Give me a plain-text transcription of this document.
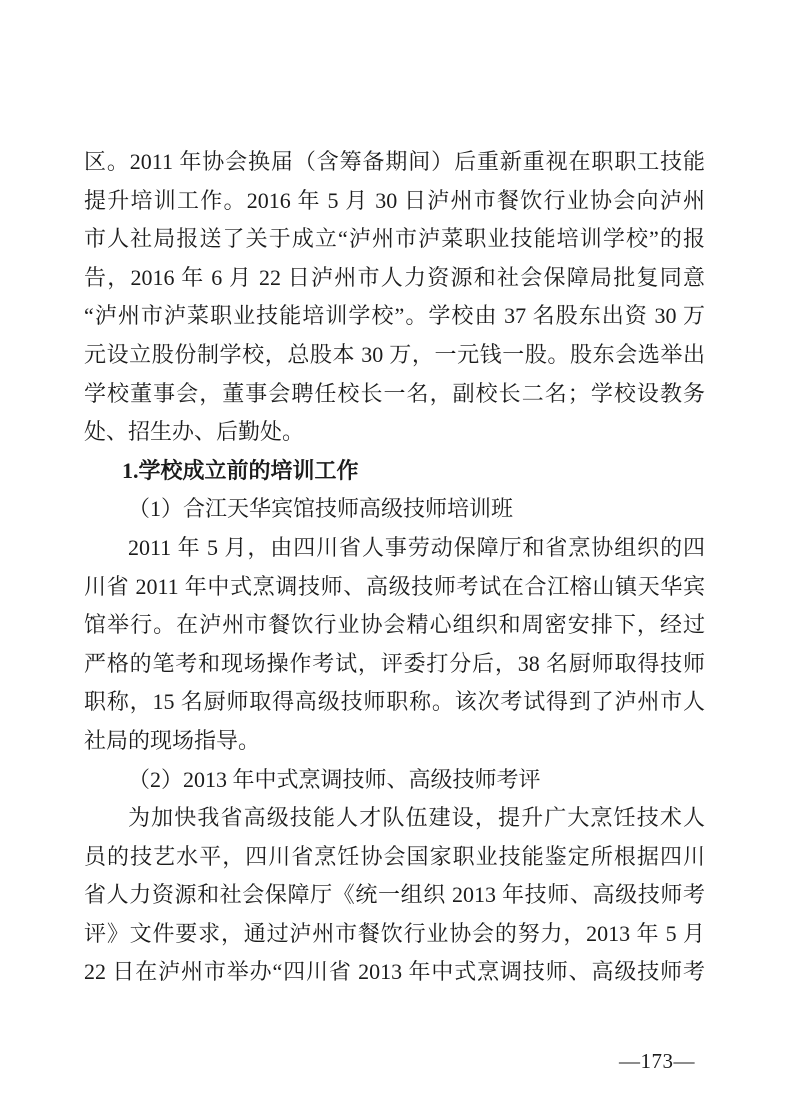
区。2011 年协会换届（含筹备期间）后重新重视在职职工技能
提升培训工作。2016 年 5 月 30 日泸州市餐饮行业协会向泸州
市人社局报送了关于成立“泸州市泸菜职业技能培训学校”的报
告，2016 年 6 月 22 日泸州市人力资源和社会保障局批复同意
“泸州市泸菜职业技能培训学校”。学校由 37 名股东出资 30 万
元设立股份制学校，总股本 30 万，一元钱一股。股东会选举出
学校董事会，董事会聘任校长一名，副校长二名；学校设教务
处、招生办、后勤处。
1.学校成立前的培训工作
（1）合江天华宾馆技师高级技师培训班
2011 年 5 月，由四川省人事劳动保障厅和省烹协组织的四
川省 2011 年中式烹调技师、高级技师考试在合江榕山镇天华宾
馆举行。在泸州市餐饮行业协会精心组织和周密安排下，经过
严格的笔考和现场操作考试，评委打分后，38 名厨师取得技师
职称，15 名厨师取得高级技师职称。该次考试得到了泸州市人
社局的现场指导。
（2）2013 年中式烹调技师、高级技师考评
为加快我省高级技能人才队伍建设，提升广大烹饪技术人
员的技艺水平，四川省烹饪协会国家职业技能鉴定所根据四川
省人力资源和社会保障厅《统一组织 2013 年技师、高级技师考
评》文件要求，通过泸州市餐饮行业协会的努力，2013 年 5 月
22 日在泸州市举办“四川省 2013 年中式烹调技师、高级技师考
—173—
